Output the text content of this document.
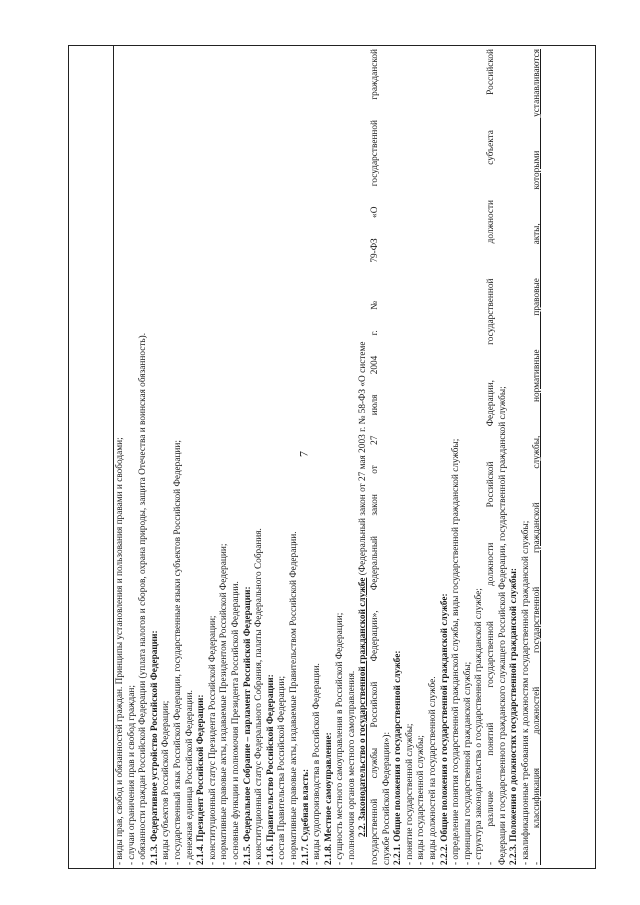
7
- виды прав, свобод и обязанностей граждан. Принципы установления и пользования правами и свободами; - случаи ограничения прав и свобод граждан; - обязанности граждан Российской Федерации (уплата налогов и сборов, охрана природы, защита Отечества и воинская обязанность). 2.1.3. Федеративное устройство Российской Федерации: - виды субъектов Российской Федерации; - государственный язык Российской Федерации, государственные языки субъектов Российской Федерации; - денежная единица Российской Федерации. 2.1.4. Президент Российской Федерации: - конституционный статус Президента Российской Федерации; - нормативные правовые акты, издаваемые Президентом Российской Федерации; - основные функции и полномочия Президента Российской Федерации. 2.1.5. Федеральное Собрание – парламент Российской Федерации: - конституционный статус Федерального Собрания, палаты Федерального Собрания. 2.1.6. Правительство Российской Федерации: - состав Правительства Российской Федерации; - нормативные правовые акты, издаваемые Правительством Российской Федерации. 2.1.7. Судебная власть: - виды судопроизводства в Российской Федерации. 2.1.8. Местное самоуправление: - сущность местного самоуправления в Российской Федерации; - полномочия органов местного самоуправления. 2.2. Законодательство о государственной гражданской службе (Федеральный закон от 27 мая 2003 г. № 58-ФЗ «О системе государственной службы Российской Федерации», Федеральный закон от 27 июля 2004 г. № 79-ФЗ «О государственной гражданской службе Российской Федерации»): 2.2.1. Общие положения о государственной службе: - понятие государственной службы; - виды государственной службы; - виды должностей на государственной службе. 2.2.2. Общие положения о государственной гражданской службе: - определение понятия государственной гражданской службы, виды государственной гражданской службы; - принципы государственной гражданской службы; - структура законодательства о государственной гражданской службе; - различие понятий государственной должности Российской Федерации, государственной должности субъекта Российской Федерации и государственного гражданского служащего Российской Федерации, государственной гражданской службы; 2.2.3. Положения о должностях государственной гражданской службы: - квалификационные требования к должностям государственной гражданской службы; - классификация должностей государственной гражданской службы, нормативные правовые акты, которыми устанавливаются
